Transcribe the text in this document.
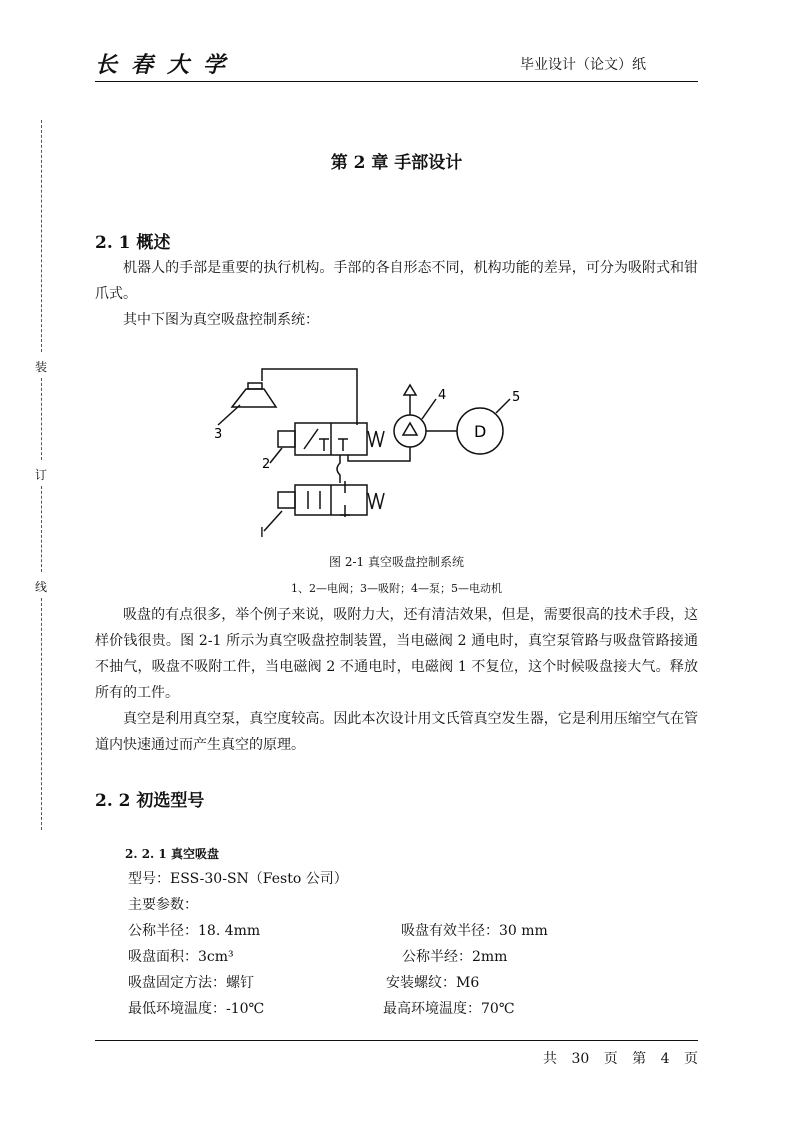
长春大学	毕业设计（论文）纸
装
订
线
第 2 章 手部设计
2. 1 概述
机器人的手部是重要的执行机构。手部的各自形态不同，机构功能的差异，可分为吸附式和钳爪式。
其中下图为真空吸盘控制系统：
3
2
I
4	5
D
图 2-1 真空吸盘控制系统
1、2—电阀；3—吸附；4—泵；5—电动机
吸盘的有点很多，举个例子来说，吸附力大，还有清洁效果，但是，需要很高的技术手段，这样价钱很贵。图 2-1 所示为真空吸盘控制装置，当电磁阀 2 通电时，真空泵管路与吸盘管路接通不抽气，吸盘不吸附工件，当电磁阀 2 不通电时，电磁阀 1 不复位，这个时候吸盘接大气。释放所有的工件。
真空是利用真空泵，真空度较高。因此本次设计用文氏管真空发生器，它是利用压缩空气在管道内快速通过而产生真空的原理。
2. 2 初选型号
2. 2. 1 真空吸盘
型号：ESS-30-SN（Festo 公司）
主要参数：
公称半径：18. 4mm	吸盘有效半径：30 mm
吸盘面积：3cm³	公称半经：2mm
吸盘固定方法：螺钉	安装螺纹：M6
最低环境温度：-10℃	最高环境温度：70℃
共 30 页 第 4 页
